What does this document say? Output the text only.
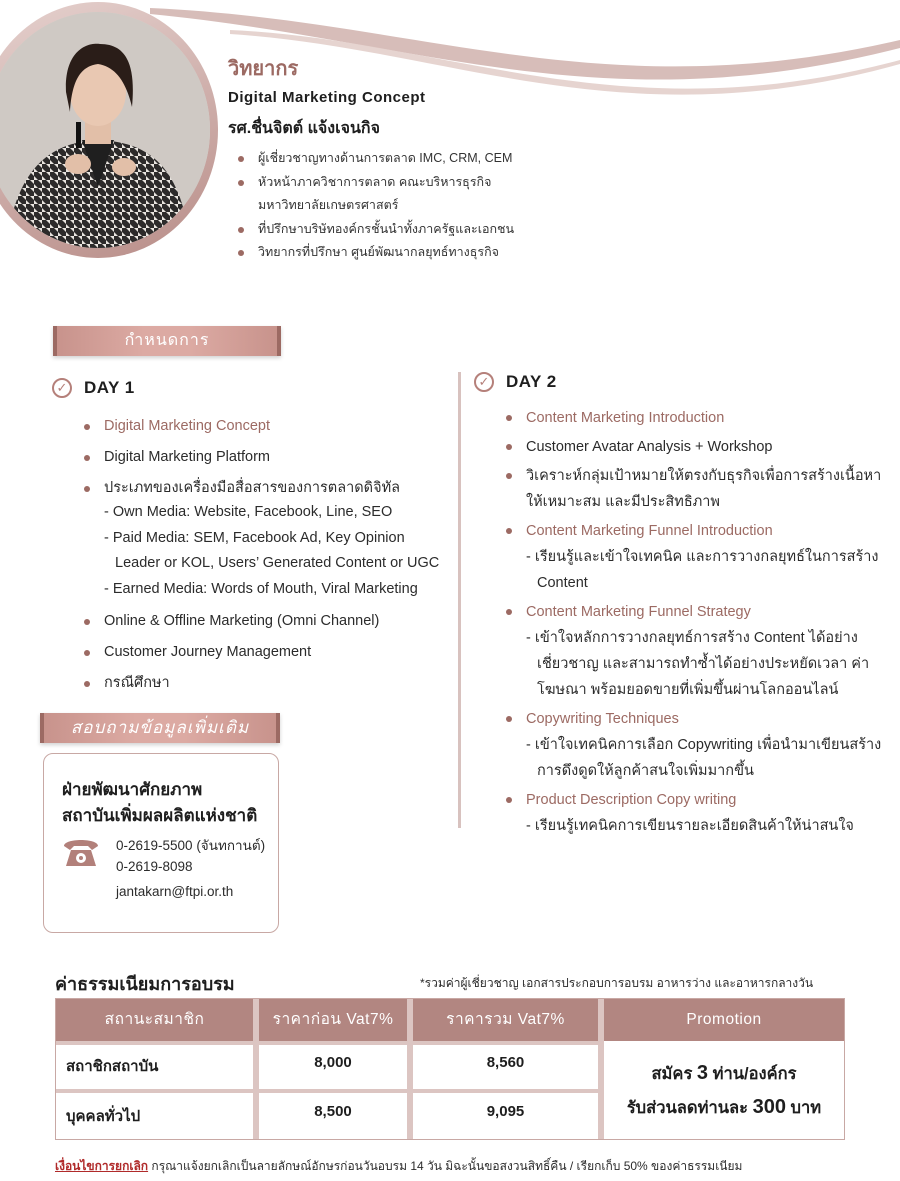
วิทยากร
Digital Marketing Concept
รศ.ชื่นจิตต์ แจ้งเจนกิจ
ผู้เชี่ยวชาญทางด้านการตลาด IMC, CRM, CEM
หัวหน้าภาควิชาการตลาด คณะบริหารธุรกิจ
มหาวิทยาลัยเกษตรศาสตร์
ที่ปรึกษาบริษัทองค์กรชั้นนำทั้งภาครัฐและเอกชน
วิทยากรที่ปรึกษา ศูนย์พัฒนากลยุทธ์ทางธุรกิจ
กำหนดการ
✓ DAY 1
Digital Marketing Concept
Digital Marketing Platform
ประเภทของเครื่องมือสื่อสารของการตลาดดิจิทัล
- Own Media: Website, Facebook, Line, SEO
- Paid Media: SEM, Facebook Ad, Key Opinion
Leader or KOL, Users’ Generated Content or UGC
- Earned Media: Words of Mouth, Viral Marketing
Online & Offline Marketing (Omni Channel)
Customer Journey Management
กรณีศึกษา
✓ DAY 2
Content Marketing Introduction
Customer Avatar Analysis + Workshop
วิเคราะห์กลุ่มเป้าหมายให้ตรงกับธุรกิจเพื่อการสร้างเนื้อหา
ให้เหมาะสม และมีประสิทธิภาพ
Content Marketing Funnel Introduction
- เรียนรู้และเข้าใจเทคนิค และการวางกลยุทธ์ในการสร้าง
Content
Content Marketing Funnel Strategy
- เข้าใจหลักการวางกลยุทธ์การสร้าง Content ได้อย่าง
เชี่ยวชาญ และสามารถทำซ้ำได้อย่างประหยัดเวลา ค่า
โฆษณา พร้อมยอดขายที่เพิ่มขึ้นผ่านโลกออนไลน์
Copywriting Techniques
- เข้าใจเทคนิคการเลือก Copywriting เพื่อนำมาเขียนสร้าง
การดึงดูดให้ลูกค้าสนใจเพิ่มมากขึ้น
Product Description Copy writing
- เรียนรู้เทคนิคการเขียนรายละเอียดสินค้าให้น่าสนใจ
สอบถามข้อมูลเพิ่มเติม
ฝ่ายพัฒนาศักยภาพ
สถาบันเพิ่มผลผลิตแห่งชาติ
0-2619-5500 (จันทกานต์)
0-2619-8098
jantakarn@ftpi.or.th
ค่าธรรมเนียมการอบรม	*รวมค่าผู้เชี่ยวชาญ เอกสารประกอบการอบรม อาหารว่าง และอาหารกลางวัน
สถานะสมาชิก	ราคาก่อน Vat7%	ราคารวม Vat7%	Promotion
สถาชิกสถาบัน	8,000	8,560
บุคคลทั่วไป	8,500	9,095
สมัคร 3 ท่าน/องค์กร
รับส่วนลดท่านละ 300 บาท
เงื่อนไขการยกเลิก กรุณาแจ้งยกเลิกเป็นลายลักษณ์อักษรก่อนวันอบรม 14 วัน มิฉะนั้นขอสงวนสิทธิ์คืน / เรียกเก็บ 50% ของค่าธรรมเนียม
